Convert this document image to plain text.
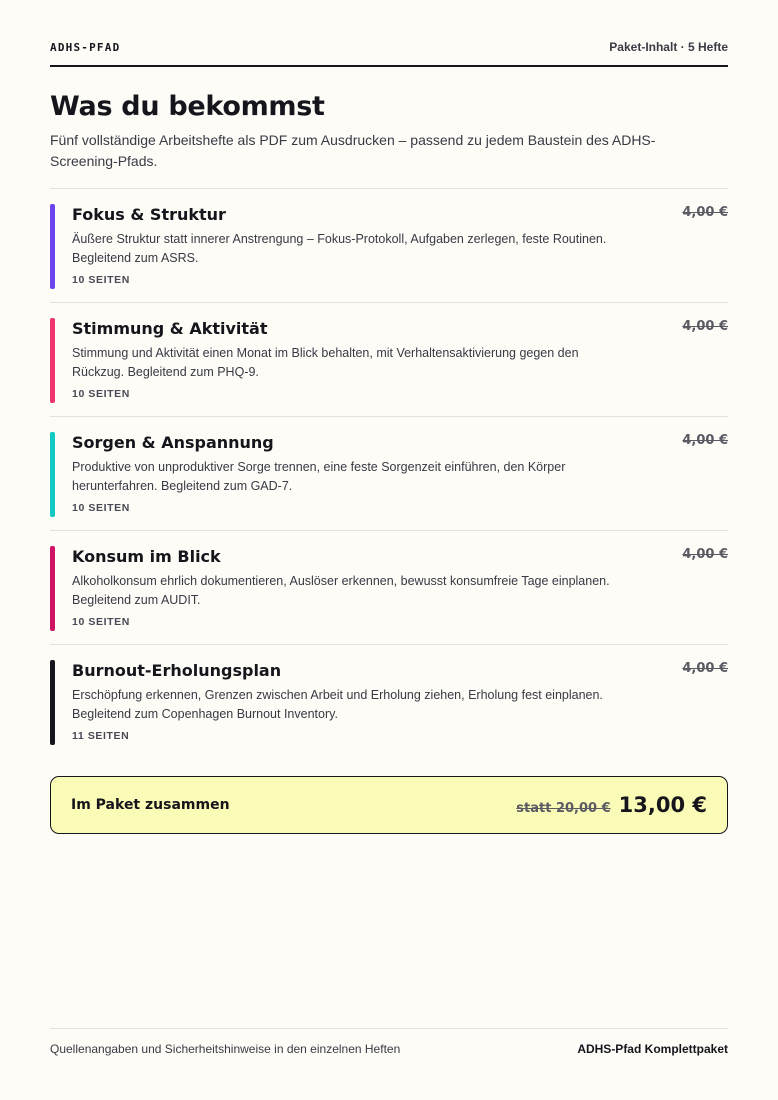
ADHS-PFAD	Paket-Inhalt · 5 Hefte
Was du bekommst

Fünf vollständige Arbeitshefte als PDF zum Ausdrucken – passend zu jedem Baustein des ADHS-Screening-Pfads.

Fokus & Struktur
Äußere Struktur statt innerer Anstrengung – Fokus-Protokoll, Aufgaben zerlegen, feste Routinen. Begleitend zum ASRS.
10 SEITEN
4,00 €
Stimmung & Aktivität
Stimmung und Aktivität einen Monat im Blick behalten, mit Verhaltensaktivierung gegen den Rückzug. Begleitend zum PHQ-9.
10 SEITEN
4,00 €
Sorgen & Anspannung
Produktive von unproduktiver Sorge trennen, eine feste Sorgenzeit einführen, den Körper herunterfahren. Begleitend zum GAD-7.
10 SEITEN
4,00 €
Konsum im Blick
Alkoholkonsum ehrlich dokumentieren, Auslöser erkennen, bewusst konsumfreie Tage einplanen. Begleitend zum AUDIT.
10 SEITEN
4,00 €
Burnout-Erholungsplan
Erschöpfung erkennen, Grenzen zwischen Arbeit und Erholung ziehen, Erholung fest einplanen. Begleitend zum Copenhagen Burnout Inventory.
11 SEITEN
4,00 €
Im Paket zusammen	statt 20,00 € 13,00 €
Quellenangaben und Sicherheitshinweise in den einzelnen Heften	ADHS-Pfad Komplettpaket
